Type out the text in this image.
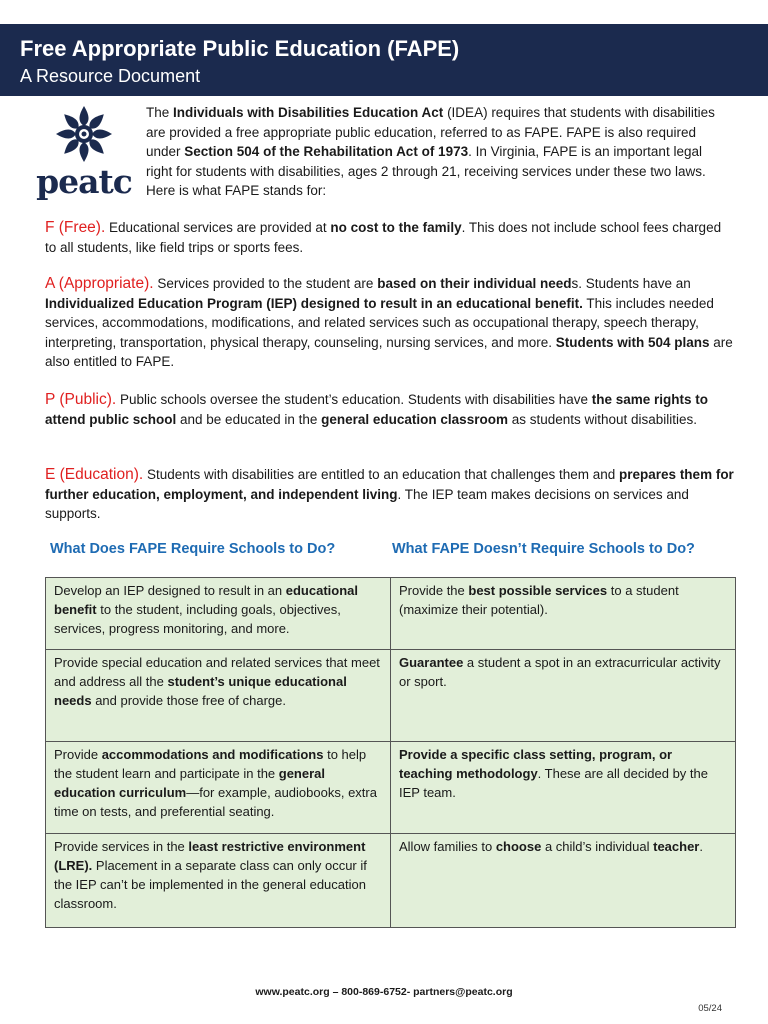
Free Appropriate Public Education (FAPE)
A Resource Document
peatc
The Individuals with Disabilities Education Act (IDEA) requires that students with disabilities are provided a free appropriate public education, referred to as FAPE. FAPE is also required under Section 504 of the Rehabilitation Act of 1973. In Virginia, FAPE is an important legal right for students with disabilities, ages 2 through 21, receiving services under these two laws. Here is what FAPE stands for:
F (Free). Educational services are provided at no cost to the family. This does not include school fees charged to all students, like field trips or sports fees.
A (Appropriate). Services provided to the student are based on their individual needs. Students have an Individualized Education Program (IEP) designed to result in an educational benefit. This includes needed services, accommodations, modifications, and related services such as occupational therapy, speech therapy, interpreting, transportation, physical therapy, counseling, nursing services, and more. Students with 504 plans are also entitled to FAPE.
P (Public). Public schools oversee the student’s education. Students with disabilities have the same rights to attend public school and be educated in the general education classroom as students without disabilities.
E (Education). Students with disabilities are entitled to an education that challenges them and prepares them for further education, employment, and independent living. The IEP team makes decisions on services and supports.
What Does FAPE Require Schools to Do?	What FAPE Doesn’t Require Schools to Do?
Develop an IEP designed to result in an educational benefit to the student, including goals, objectives, services, progress monitoring, and more.	Provide the best possible services to a student (maximize their potential).
Provide special education and related services that meet and address all the student’s unique educational needs and provide those free of charge.	Guarantee a student a spot in an extracurricular activity or sport.
Provide accommodations and modifications to help the student learn and participate in the general education curriculum—for example, audiobooks, extra time on tests, and preferential seating.	Provide a specific class setting, program, or teaching methodology. These are all decided by the IEP team.
Provide services in the least restrictive environment (LRE). Placement in a separate class can only occur if the IEP can’t be implemented in the general education classroom.	Allow families to choose a child’s individual teacher.
www.peatc.org – 800-869-6752- partners@peatc.org
05/24
